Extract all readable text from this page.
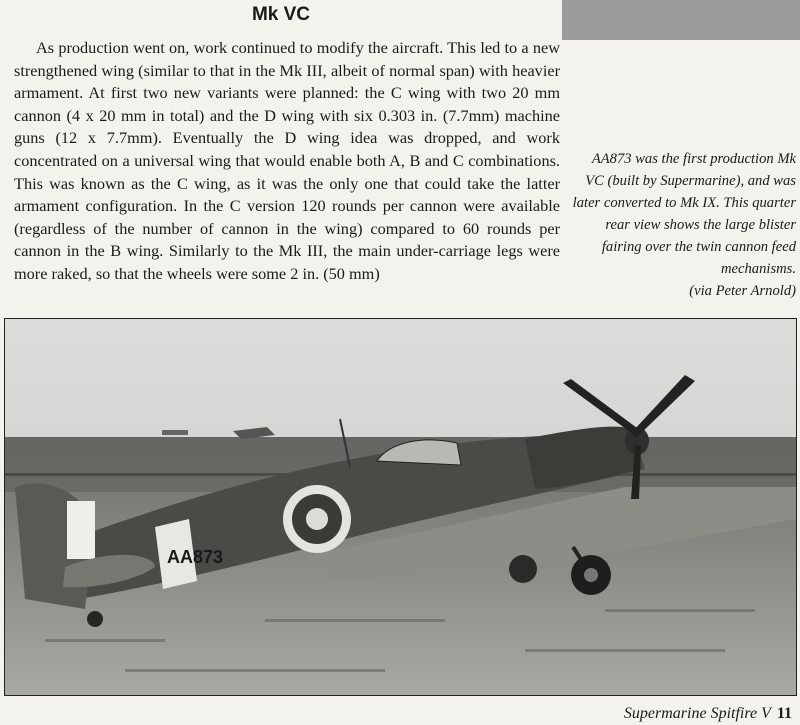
Mk VC

As production went on, work continued to modify the aircraft. This led to a new strengthened wing (similar to that in the Mk III, albeit of normal span) with heavier armament. At first two new variants were planned: the C wing with two 20 mm cannon (4 x 20 mm in total) and the D wing with six 0.303 in. (7.7mm) machine guns (12 x 7.7mm). Eventually the D wing idea was dropped, and work concentrated on a universal wing that would enable both A, B and C combinations. This was known as the C wing, as it was the only one that could take the latter armament configuration. In the C version 120 rounds per cannon were available (regardless of the number of cannon in the wing) compared to 60 rounds per cannon in the B wing. Similarly to the Mk III, the main under-carriage legs were more raked, so that the wheels were some 2 in. (50 mm)

AA873 was the first production Mk VC (built by Supermarine), and was later converted to Mk IX. This quarter rear view shows the large blister fairing over the twin cannon feed mechanisms.
(via Peter Arnold)
AA873
Supermarine Spitfire V 11
